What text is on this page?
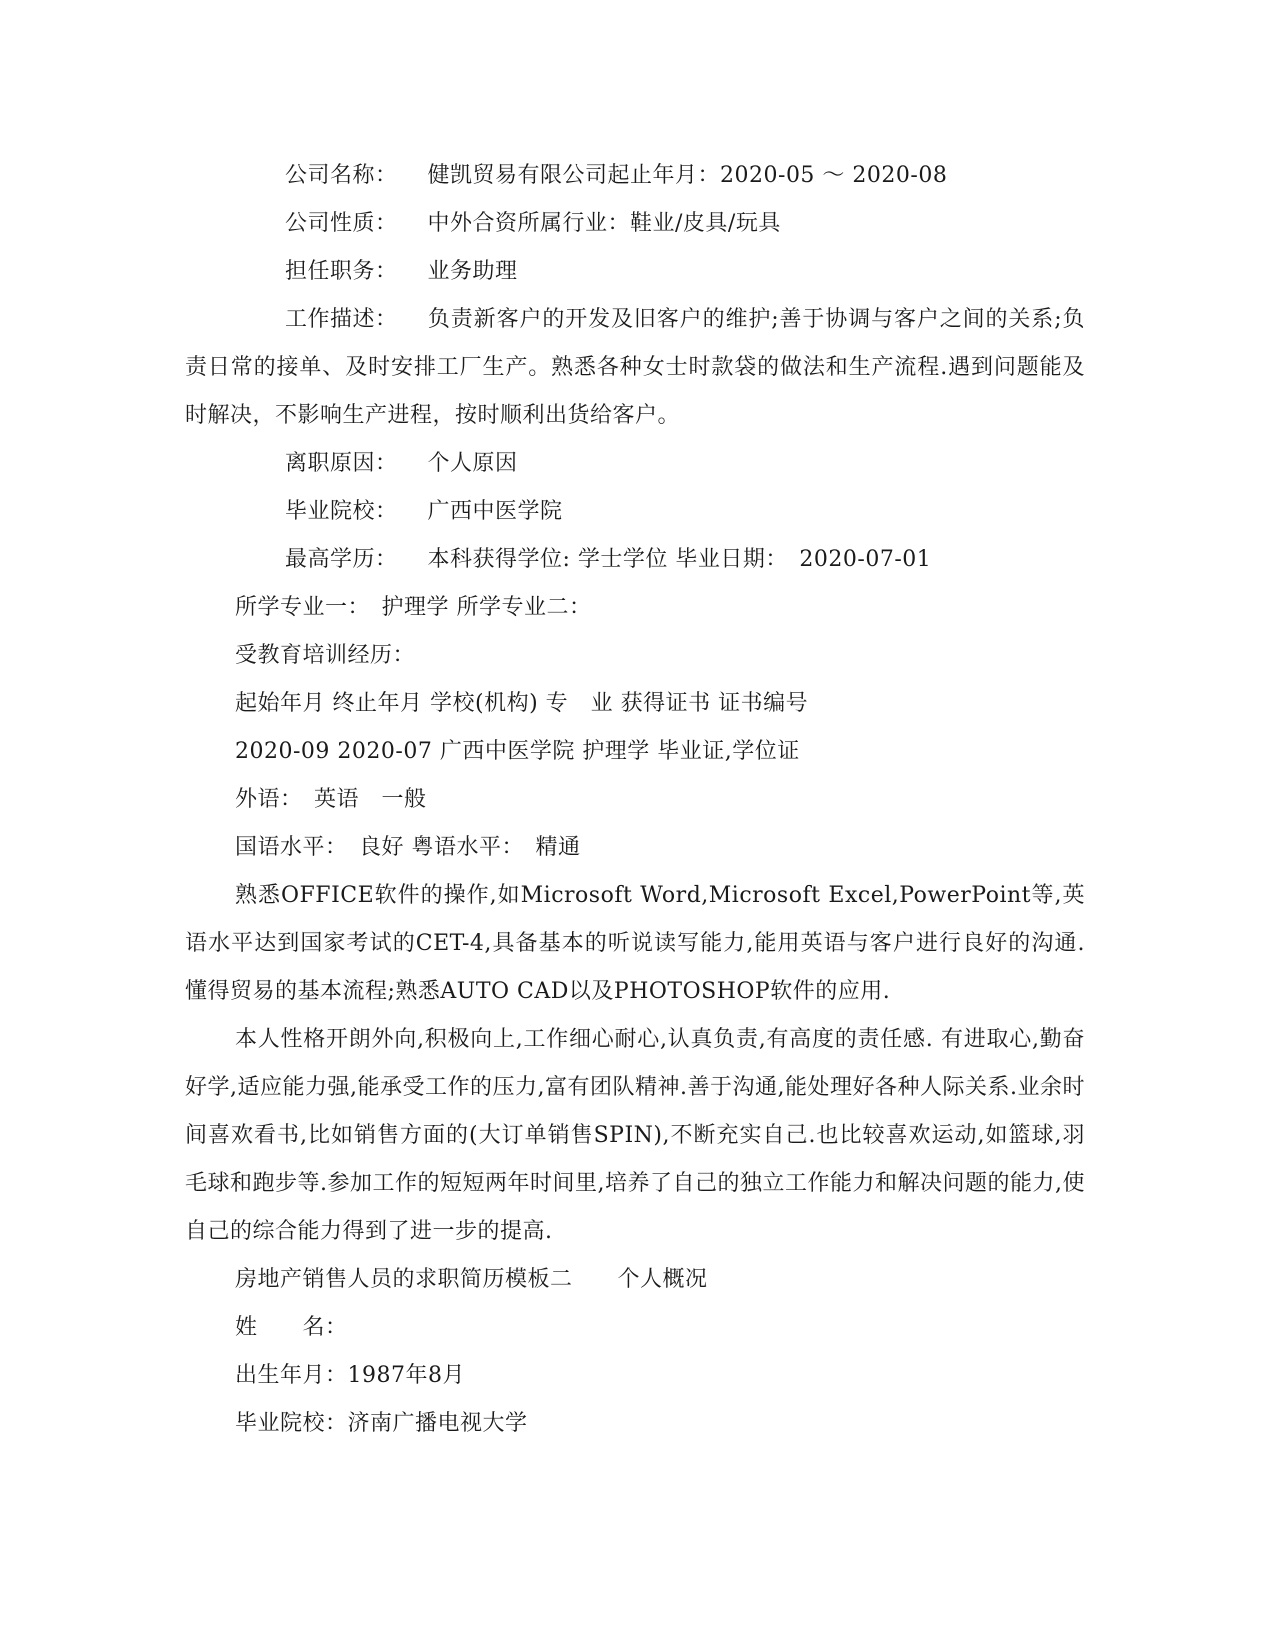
公司名称： 健凯贸易有限公司起止年月：2020-05 ～ 2020-08

公司性质： 中外合资所属行业：鞋业/皮具/玩具

担任职务： 业务助理

工作描述： 负责新客户的开发及旧客户的维护;善于协调与客户之间的关系;负责日常的接单、及时安排工厂生产。熟悉各种女士时款袋的做法和生产流程.遇到问题能及时解决，不影响生产进程，按时顺利出货给客户。

离职原因： 个人原因

毕业院校： 广西中医学院

最高学历： 本科获得学位: 学士学位 毕业日期：　2020-07-01

所学专业一：　护理学 所学专业二：

受教育培训经历：

起始年月 终止年月 学校(机构) 专　业 获得证书 证书编号

2020-09 2020-07 广西中医学院 护理学 毕业证,学位证

外语：　英语　一般

国语水平：　良好 粤语水平：　精通

熟悉OFFICE软件的操作,如Microsoft Word,Microsoft Excel,PowerPoint等,英语水平达到国家考试的CET-4,具备基本的听说读写能力,能用英语与客户进行良好的沟通. 懂得贸易的基本流程;熟悉AUTO CAD以及PHOTOSHOP软件的应用.

本人性格开朗外向,积极向上,工作细心耐心,认真负责,有高度的责任感. 有进取心,勤奋好学,适应能力强,能承受工作的压力,富有团队精神.善于沟通,能处理好各种人际关系.业余时间喜欢看书,比如销售方面的(大订单销售SPIN),不断充实自己.也比较喜欢运动,如篮球,羽毛球和跑步等.参加工作的短短两年时间里,培养了自己的独立工作能力和解决问题的能力,使自己的综合能力得到了进一步的提高.

房地产销售人员的求职简历模板二　　个人概况

姓　　名：

出生年月：1987年8月

毕业院校：济南广播电视大学
